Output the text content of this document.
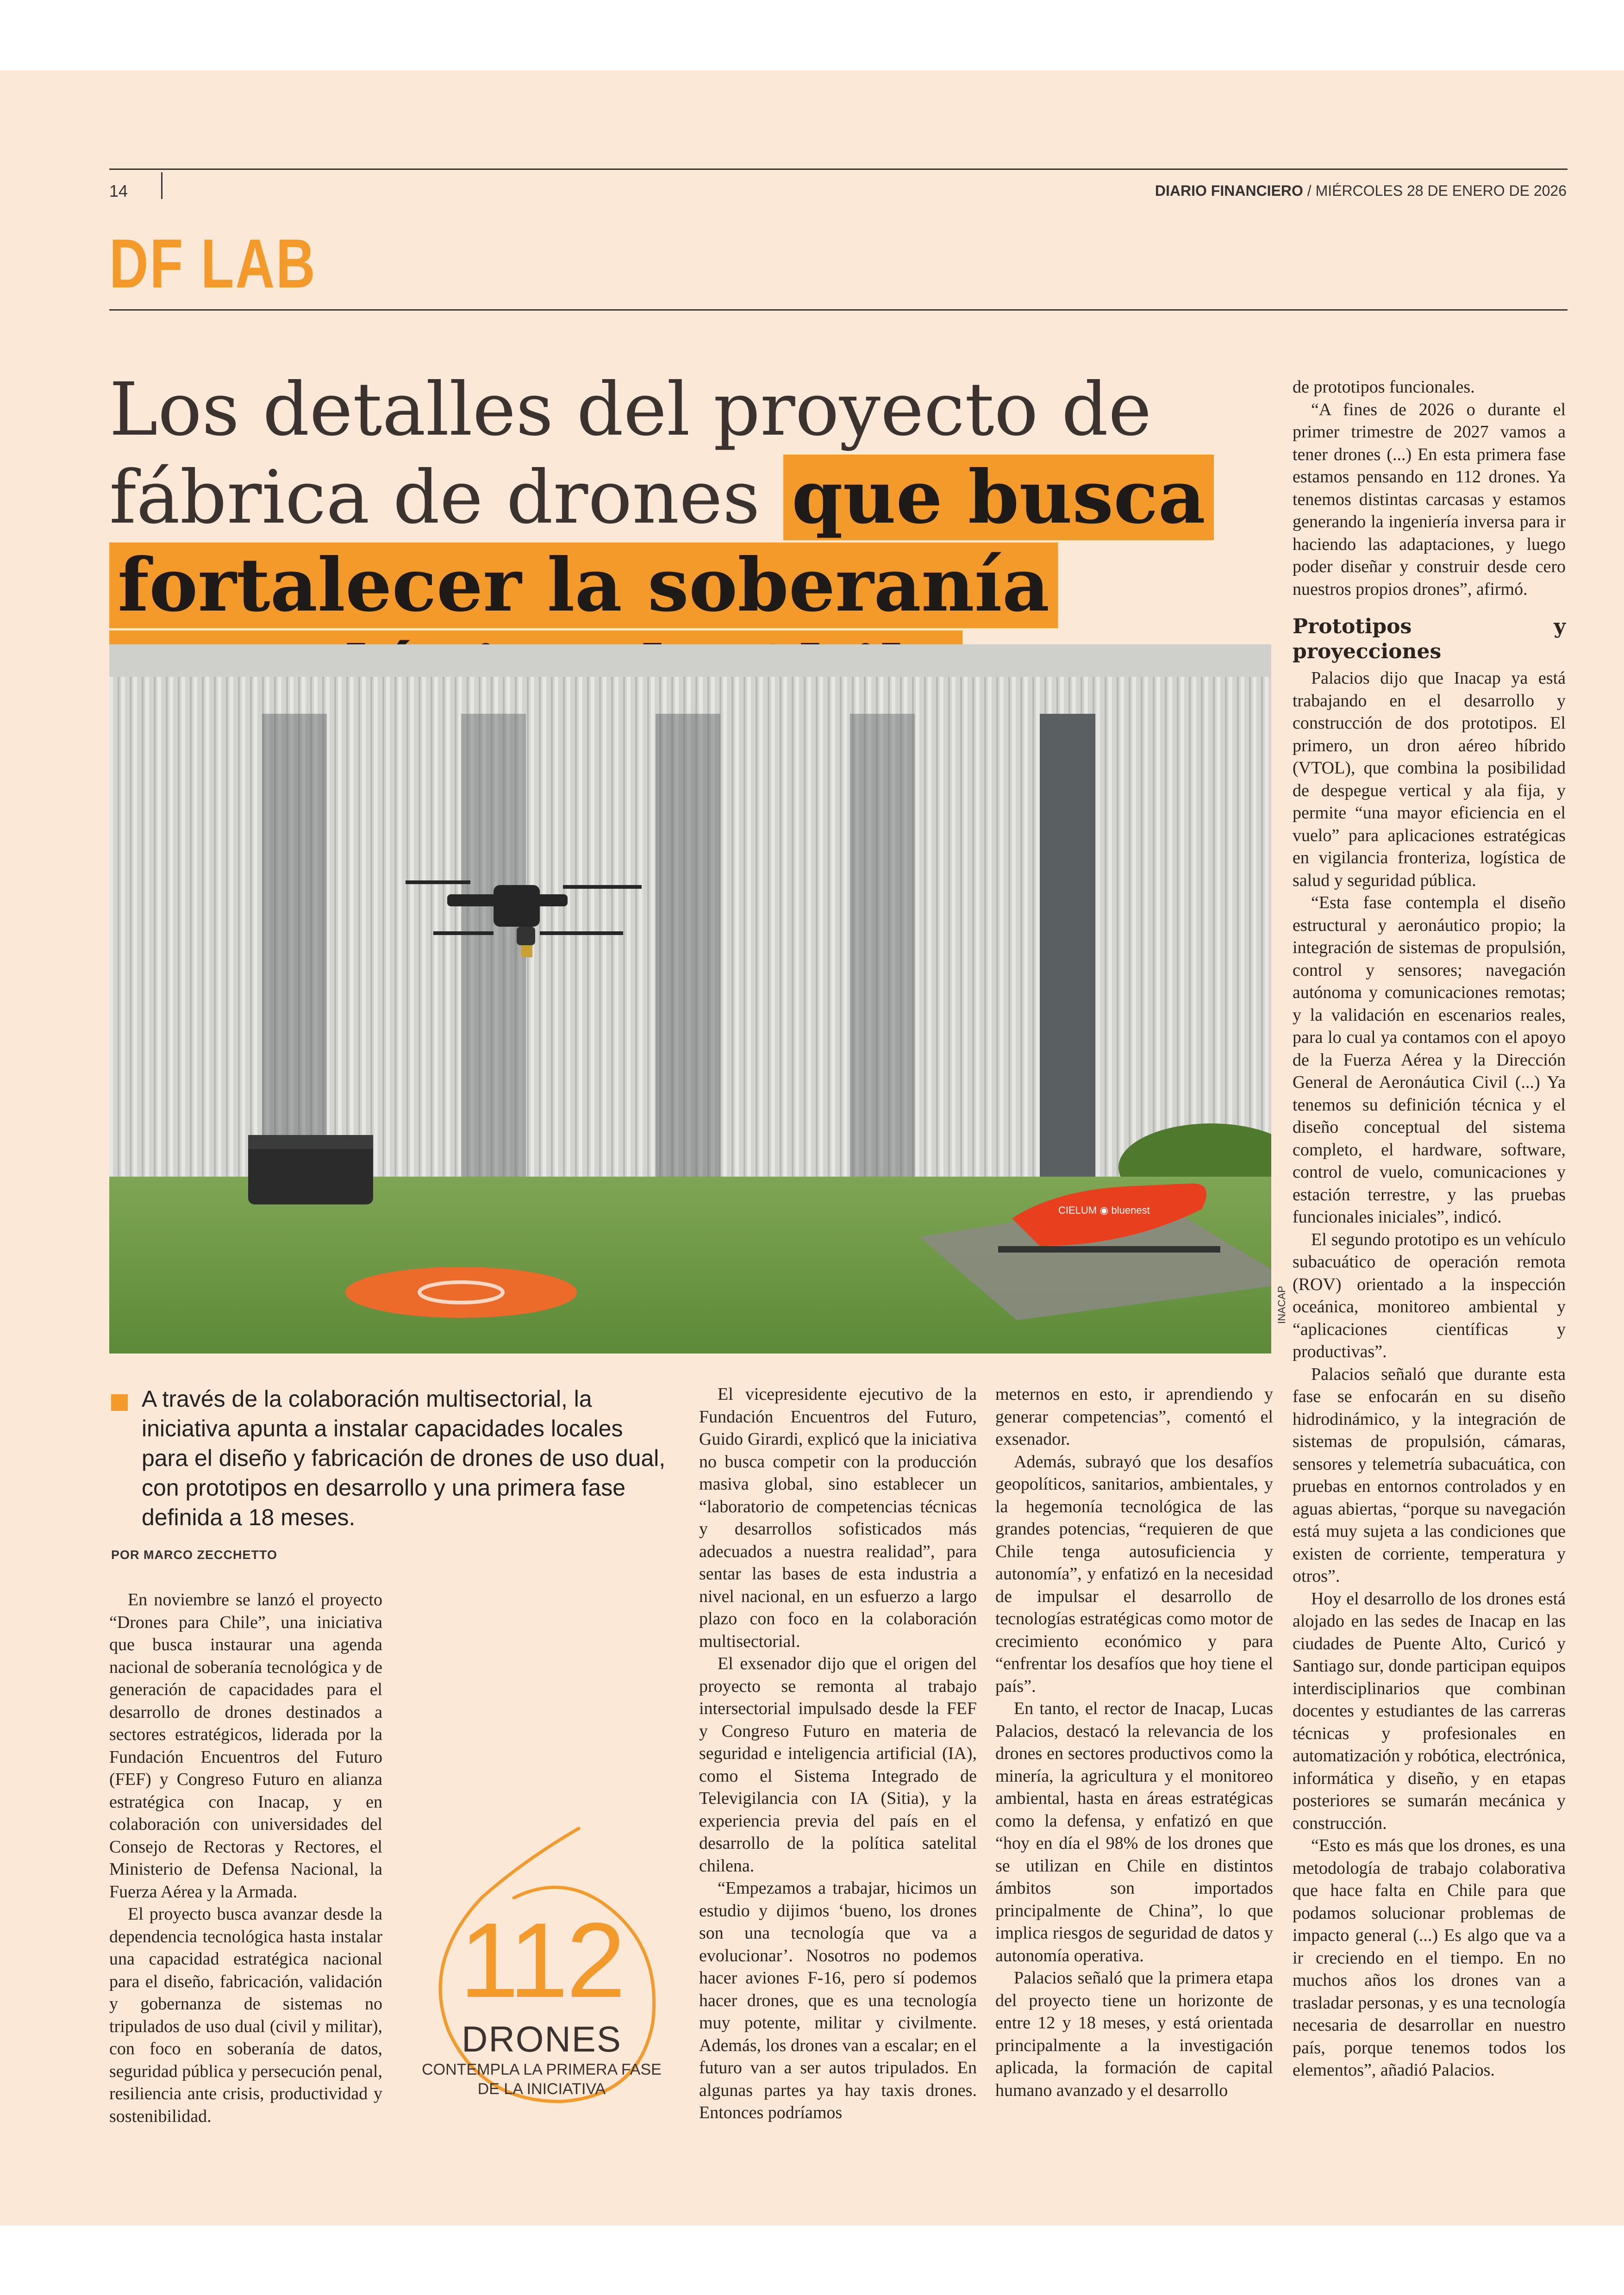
14	DIARIO FINANCIERO / MIÉRCOLES 28 DE ENERO DE 2026
DF LAB
Los detalles del proyecto de fábrica de drones que busca fortalecer la soberanía
CIELUM ◉ bluenest
INACAP
A través de la colaboración multisectorial, la iniciativa apunta a instalar capacidades locales para el diseño y fabricación de drones de uso dual, con prototipos en desarrollo y una primera fase definida a 18 meses.
POR MARCO ZECCHETTO

En noviembre se lanzó el proyecto “Drones para Chile”, una iniciativa que busca instaurar una agenda nacional de soberanía tecnológica y de generación de capacidades para el desarrollo de drones destinados a sectores estratégicos, liderada por la Fundación Encuentros del Futuro (FEF) y Congreso Futuro en alianza estratégica con Inacap, y en colaboración con universidades del Consejo de Rectoras y Rectores, el Ministerio de Defensa Nacional, la Fuerza Aérea y la Armada.

El proyecto busca avanzar desde la dependencia tecnológica hasta instalar una capacidad estratégica nacional para el diseño, fabricación, validación y gobernanza de sistemas no tripulados de uso dual (civil y militar), con foco en soberanía de datos, seguridad pública y persecución penal, resiliencia ante crisis, productividad y sostenibilidad.

112
DRONES
CONTEMPLA LA PRIMERA FASE DE LA INICIATIVA

El vicepresidente ejecutivo de la Fundación Encuentros del Futuro, Guido Girardi, explicó que la iniciativa no busca competir con la producción masiva global, sino establecer un “laboratorio de competencias técnicas y desarrollos sofisticados más adecuados a nuestra realidad”, para sentar las bases de esta industria a nivel nacional, en un esfuerzo a largo plazo con foco en la colaboración multisectorial.

El exsenador dijo que el origen del proyecto se remonta al trabajo intersectorial impulsado desde la FEF y Congreso Futuro en materia de seguridad e inteligencia artificial (IA), como el Sistema Integrado de Televigilancia con IA (Sitia), y la experiencia previa del país en el desarrollo de la política satelital chilena.

“Empezamos a trabajar, hicimos un estudio y dijimos ‘bueno, los drones son una tecnología que va a evolucionar’. Nosotros no podemos hacer aviones F-16, pero sí podemos hacer drones, que es una tecnología muy potente, militar y civilmente. Además, los drones van a escalar; en el futuro van a ser autos tripulados. En algunas partes ya hay taxis drones. Entonces podríamos

meternos en esto, ir aprendiendo y generar competencias”, comentó el exsenador.

Además, subrayó que los desafíos geopolíticos, sanitarios, ambientales, y la hegemonía tecnológica de las grandes potencias, “requieren de que Chile tenga autosuficiencia y autonomía”, y enfatizó en la necesidad de impulsar el desarrollo de tecnologías estratégicas como motor de crecimiento económico y para “enfrentar los desafíos que hoy tiene el país”.

En tanto, el rector de Inacap, Lucas Palacios, destacó la relevancia de los drones en sectores productivos como la minería, la agricultura y el monitoreo ambiental, hasta en áreas estratégicas como la defensa, y enfatizó en que “hoy en día el 98% de los drones que se utilizan en Chile en distintos ámbitos son importados principalmente de China”, lo que implica riesgos de seguridad de datos y autonomía operativa.

Palacios señaló que la primera etapa del proyecto tiene un horizonte de entre 12 y 18 meses, y está orientada principalmente a la investigación aplicada, la formación de capital humano avanzado y el desarrollo

de prototipos funcionales.

“A fines de 2026 o durante el primer trimestre de 2027 vamos a tener drones (...) En esta primera fase estamos pensando en 112 drones. Ya tenemos distintas carcasas y estamos generando la ingeniería inversa para ir haciendo las adaptaciones, y luego poder diseñar y construir desde cero nuestros propios drones”, afirmó.

Prototipos y proyecciones

Palacios dijo que Inacap ya está trabajando en el desarrollo y construcción de dos prototipos. El primero, un dron aéreo híbrido (VTOL), que combina la posibilidad de despegue vertical y ala fija, y permite “una mayor eficiencia en el vuelo” para aplicaciones estratégicas en vigilancia fronteriza, logística de salud y seguridad pública.

“Esta fase contempla el diseño estructural y aeronáutico propio; la integración de sistemas de propulsión, control y sensores; navegación autónoma y comunicaciones remotas; y la validación en escenarios reales, para lo cual ya contamos con el apoyo de la Fuerza Aérea y la Dirección General de Aeronáutica Civil (...) Ya tenemos su definición técnica y el diseño conceptual del sistema completo, el hardware, software, control de vuelo, comunicaciones y estación terrestre, y las pruebas funcionales iniciales”, indicó.

El segundo prototipo es un vehículo subacuático de operación remota (ROV) orientado a la inspección oceánica, monitoreo ambiental y “aplicaciones científicas y productivas”.

Palacios señaló que durante esta fase se enfocarán en su diseño hidrodinámico, y la integración de sistemas de propulsión, cámaras, sensores y telemetría subacuática, con pruebas en entornos controlados y en aguas abiertas, “porque su navegación está muy sujeta a las condiciones que existen de corriente, temperatura y otros”.

Hoy el desarrollo de los drones está alojado en las sedes de Inacap en las ciudades de Puente Alto, Curicó y Santiago sur, donde participan equipos interdisciplinarios que combinan docentes y estudiantes de las carreras técnicas y profesionales en automatización y robótica, electrónica, informática y diseño, y en etapas posteriores se sumarán mecánica y construcción.

“Esto es más que los drones, es una metodología de trabajo colaborativa que hace falta en Chile para que podamos solucionar problemas de impacto general (...) Es algo que va a ir creciendo en el tiempo. En no muchos años los drones van a trasladar personas, y es una tecnología necesaria de desarrollar en nuestro país, porque tenemos todos los elementos”, añadió Palacios.
